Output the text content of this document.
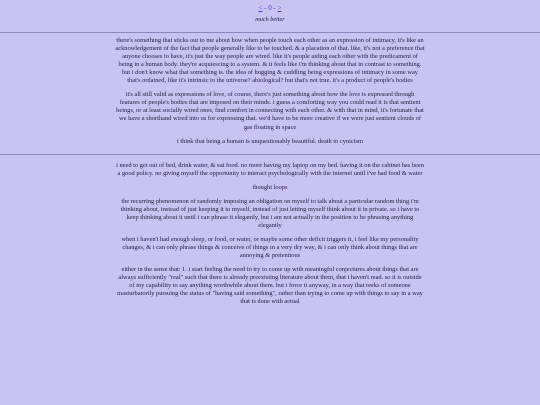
< - 0 - >
much better

there's something that sticks out to me about how when people touch each other as an expression of intimacy, it's like an acknowledgement of the fact that people generally like to be touched. & a placation of that. like, it's not a preference that anyone chooses to have, it's just the way people are wired. like it's people aiding each other with the predicament of being in a human body. they're acquiescing to a system. & it feels like i'm thinking about that in contrast to something. but i don't know what that something is. the idea of hugging & cuddling being expressions of intimacy in some way that's ordained, like it's intrinsic to the universe? abiological? but that's not true. it's a product of people's bodies

it's all still valid as expressions of love, of course, there's just something about how the love is expressed through features of people's bodies that are imposed on their minds. i guess a comforting way you could read it is that sentient beings, or at least socially wired ones, find comfort in connecting with each other. & with that in mind, it's fortunate that we have a shorthand wired into us for expressing that. we'd have to be more creative if we were just sentient clouds of gas floating in space

i think that being a human is unquestionably beautiful. death to cynicism

i need to get out of bed, drink water, & eat food. no more having my laptop on my bed. having it on the cabinet has been a good policy. no giving myself the opportunity to interact psychologically with the internet until i've had food & water

thought loops

the recurring phenomenon of randomly imposing an obligation on myself to talk about a particular random thing i'm thinking about, instead of just keeping it to myself, instead of just letting myself think about it in private. so i have to keep thinking about it until i can phrase it elegantly, but i am not actually in the position to be phrasing anything elegantly

when i haven't had enough sleep, or food, or water, or maybe some other deficit triggers it, i feel like my personality changes, & i can only phrase things & conceive of things in a very dry way, & i can only think about things that are annoying & pretentious

either in the sense that: 1. i start feeling the need to try to come up with meaningful conjectures about things that are always sufficiently "real" such that there is already preexisting literature about them, that i haven't read. so it is outside of my capability to say anything worthwhile about them. but i force it anyway, in a way that reeks of someone masturbatorily pursuing the status of "having said something", rather than trying to come up with things to say in a way that is done with actual
